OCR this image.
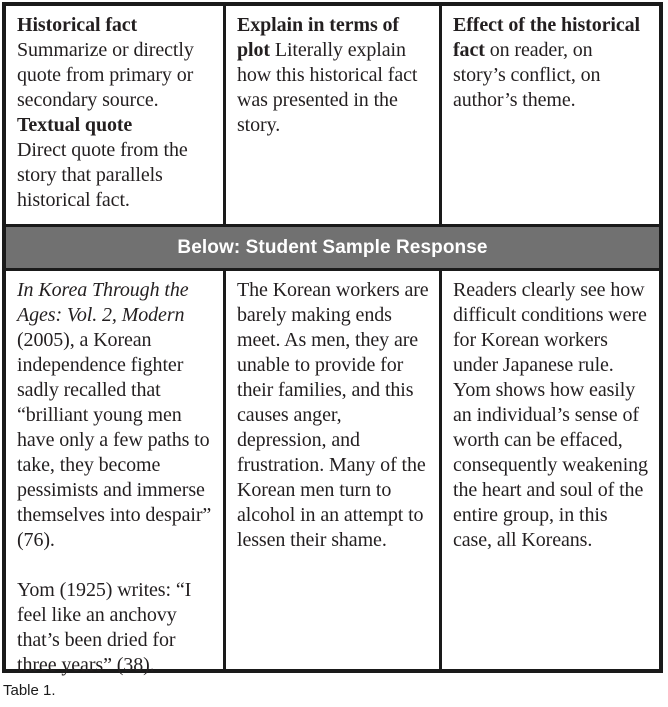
Historical fact Summarize or directly quote from primary or secondary source.

Textual quote

Direct quote from the story that parallels historical fact.

Explain in terms of plot Literally explain how this historical fact was presented in the story.

Effect of the historical fact on reader, on story’s conflict, on author’s theme.

Below: Student Sample Response

In Korea Through the Ages: Vol. 2, Modern (2005), a Korean independence fighter sadly recalled that “brilliant young men have only a few paths to take, they become pessimists and immerse themselves into despair” (76).

Yom (1925) writes: “I feel like an anchovy that’s been dried for three years” (38).

The Korean workers are barely making ends meet. As men, they are unable to provide for their families, and this causes anger, depression, and frustration. Many of the Korean men turn to alcohol in an attempt to lessen their shame.

Readers clearly see how difficult conditions were for Korean workers under Japanese rule. Yom shows how easily an individual’s sense of worth can be effaced, consequently weakening the heart and soul of the entire group, in this case, all Koreans.

Table 1.
